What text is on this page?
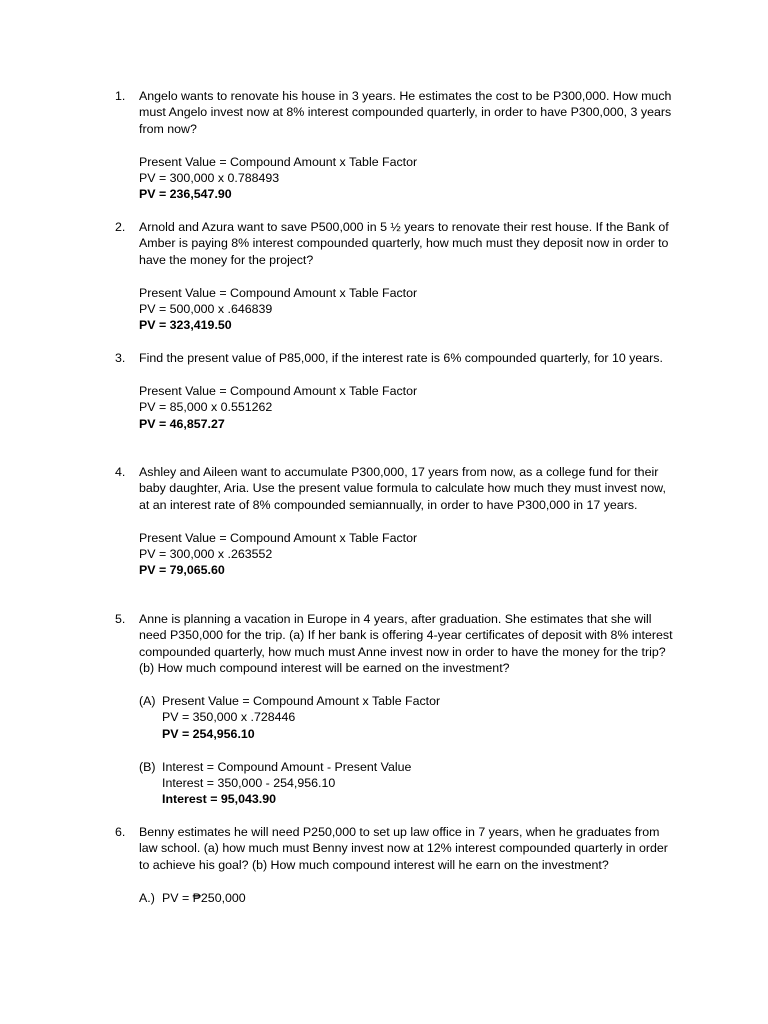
1.	Angelo wants to renovate his house in 3 years. He estimates the cost to be P300,000. How much must Angelo invest now at 8% interest compounded quarterly, in order to have P300,000, 3 years from now?

Present Value = Compound Amount x Table Factor
PV = 300,000 x 0.788493
PV = 236,547.90
2.	Arnold and Azura want to save P500,000 in 5 ½ years to renovate their rest house. If the Bank of Amber is paying 8% interest compounded quarterly, how much must they deposit now in order to have the money for the project?

Present Value = Compound Amount x Table Factor
PV = 500,000 x .646839
PV = 323,419.50
3.	Find the present value of P85,000, if the interest rate is 6% compounded quarterly, for 10 years.

Present Value = Compound Amount x Table Factor
PV = 85,000 x 0.551262
PV = 46,857.27
4.	Ashley and Aileen want to accumulate P300,000, 17 years from now, as a college fund for their baby daughter, Aria. Use the present value formula to calculate how much they must invest now, at an interest rate of 8% compounded semiannually, in order to have P300,000 in 17 years.

Present Value = Compound Amount x Table Factor
PV = 300,000 x .263552
PV = 79,065.60
5.	Anne is planning a vacation in Europe in 4 years, after graduation. She estimates that she will need P350,000 for the trip. (a) If her bank is offering 4-year certificates of deposit with 8% interest compounded quarterly, how much must Anne invest now in order to have the money for the trip? (b) How much compound interest will be earned on the investment?

(A) Present Value = Compound Amount x Table Factor
PV = 350,000 x .728446
PV = 254,956.10
(B) Interest = Compound Amount - Present Value
Interest = 350,000 - 254,956.10
Interest = 95,043.90
6.	Benny estimates he will need P250,000 to set up law office in 7 years, when he graduates from law school. (a) how much must Benny invest now at 12% interest compounded quarterly in order to achieve his goal? (b) How much compound interest will he earn on the investment?

A.) PV = ₱250,000
